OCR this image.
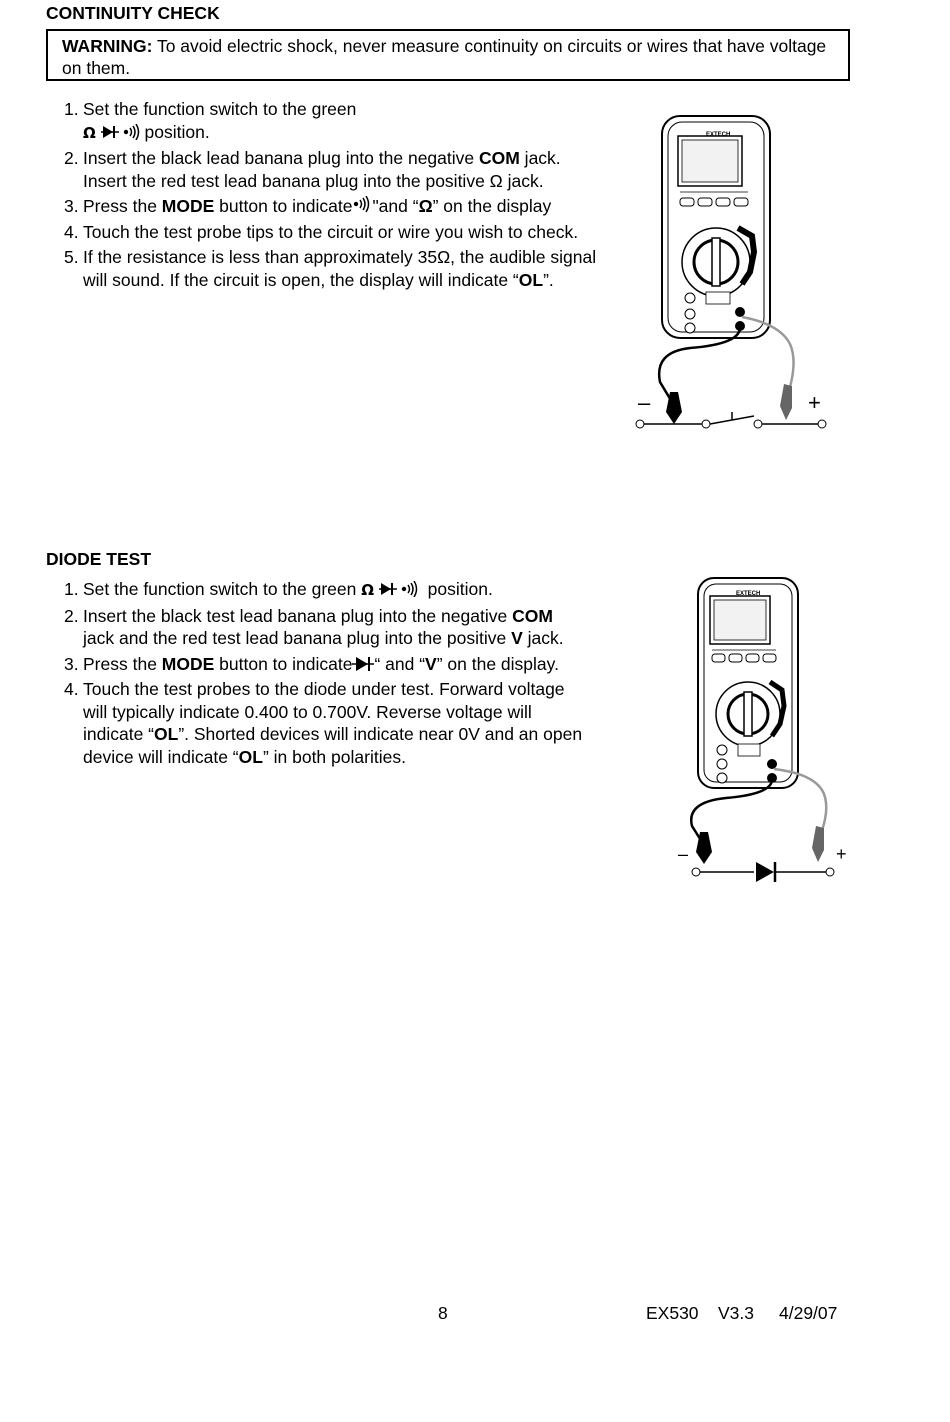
CONTINUITY CHECK
WARNING: To avoid electric shock, never measure continuity on circuits or wires that have voltage on them.
1. Set the function switch to the green
Ω	position.
2. Insert the black lead banana plug into the negative COM jack.
Insert the red test lead banana plug into the positive Ω jack.
3. Press the MODE button to indicate "and “Ω” on the display
4. Touch the test probe tips to the circuit or wire you wish to check.
5. If the resistance is less than approximately 35Ω, the audible signal will sound. If the circuit is open, the display will indicate “OL”.
EXTECH
–	+
DIODE TEST
1. Set the function switch to the green Ω	position.
2. Insert the black test lead banana plug into the negative COM jack and the red test lead banana plug into the positive V jack.
3. Press the MODE button to indicate “ and “V” on the display.
4. Touch the test probes to the diode under test. Forward voltage will typically indicate 0.400 to 0.700V. Reverse voltage will indicate “OL”. Shorted devices will indicate near 0V and an open device will indicate “OL” in both polarities.
EXTECH
–	+
8	EX530 V3.3 4/29/07
